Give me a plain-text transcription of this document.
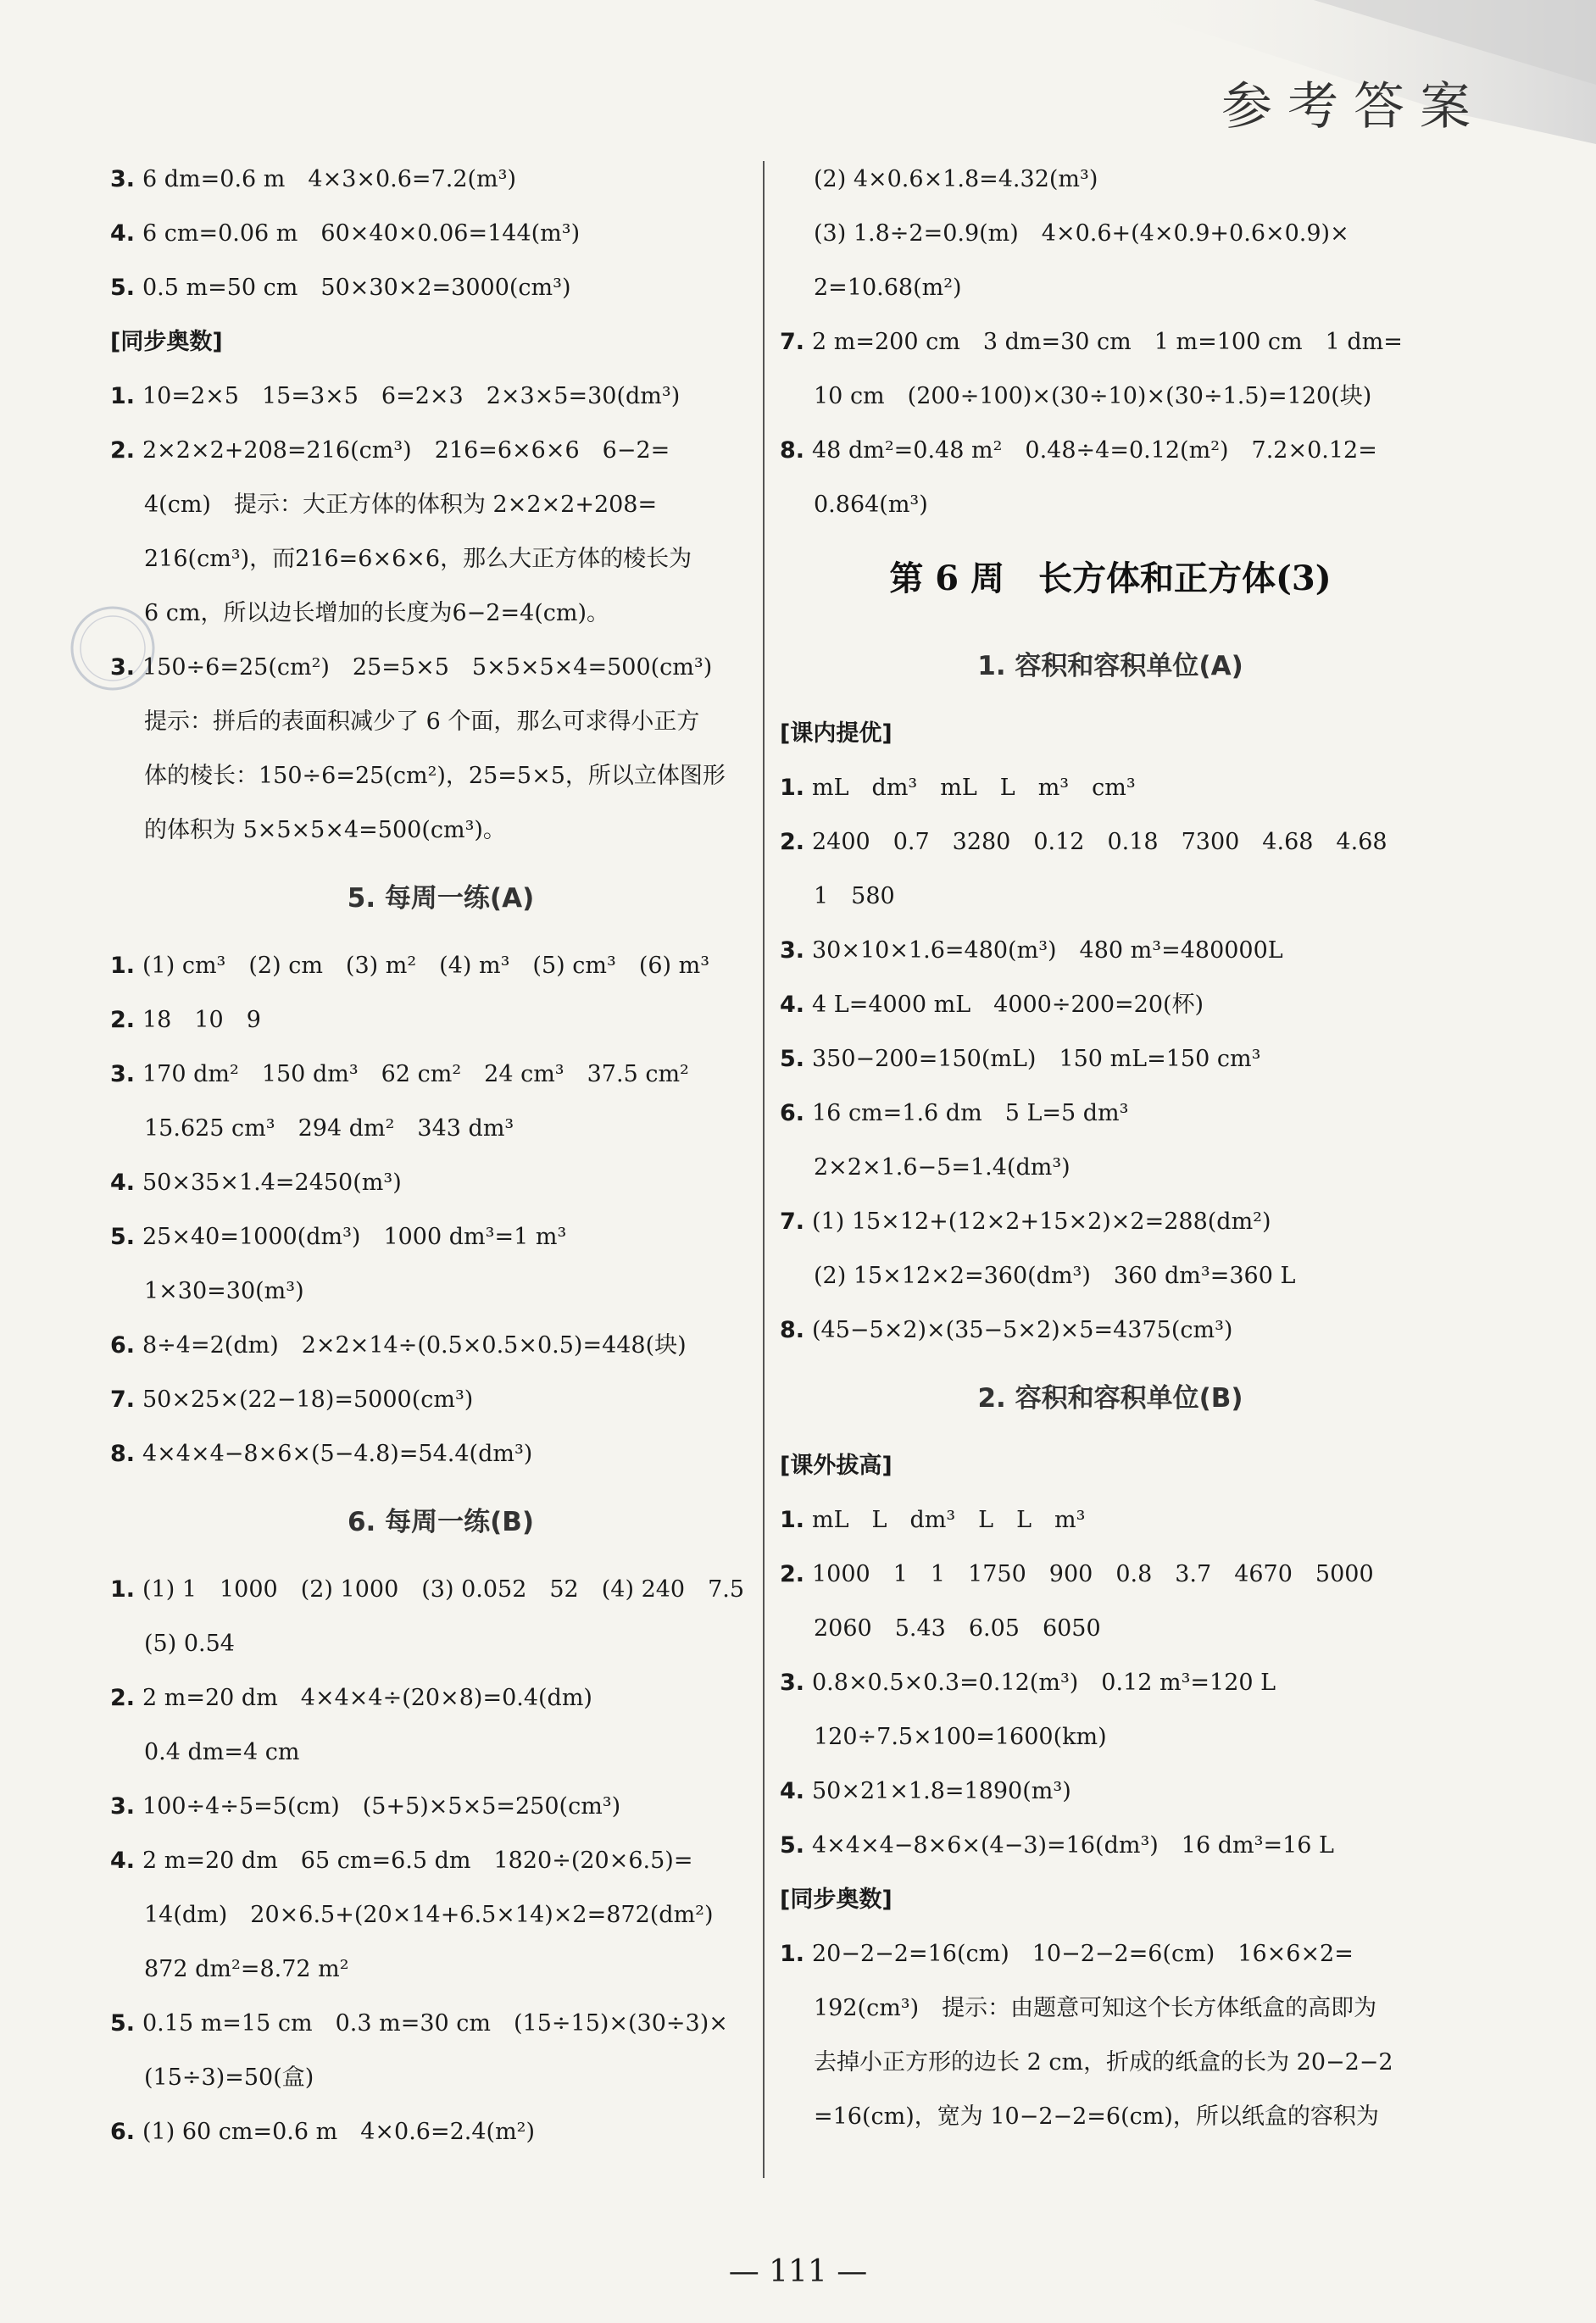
参考答案
3. 6 dm=0.6 m　4×3×0.6=7.2(m³)
4. 6 cm=0.06 m　60×40×0.06=144(m³)
5. 0.5 m=50 cm　50×30×2=3000(cm³)
[同步奥数]
1. 10=2×5　15=3×5　6=2×3　2×3×5=30(dm³)
2. 2×2×2+208=216(cm³)　216=6×6×6　6−2=
4(cm)　提示：大正方体的体积为 2×2×2+208=
216(cm³)，而216=6×6×6，那么大正方体的棱长为
6 cm，所以边长增加的长度为6−2=4(cm)。
3. 150÷6=25(cm²)　25=5×5　5×5×5×4=500(cm³)
提示：拼后的表面积减少了 6 个面，那么可求得小正方
体的棱长：150÷6=25(cm²)，25=5×5，所以立体图形
的体积为 5×5×5×4=500(cm³)。
5. 每周一练(A)
1. (1) cm³　(2) cm　(3) m²　(4) m³　(5) cm³　(6) m³
2. 18　10　9
3. 170 dm²　150 dm³　62 cm²　24 cm³　37.5 cm²
15.625 cm³　294 dm²　343 dm³
4. 50×35×1.4=2450(m³)
5. 25×40=1000(dm³)　1000 dm³=1 m³
1×30=30(m³)
6. 8÷4=2(dm)　2×2×14÷(0.5×0.5×0.5)=448(块)
7. 50×25×(22−18)=5000(cm³)
8. 4×4×4−8×6×(5−4.8)=54.4(dm³)
6. 每周一练(B)
1. (1) 1　1000　(2) 1000　(3) 0.052　52　(4) 240　7.5
(5) 0.54
2. 2 m=20 dm　4×4×4÷(20×8)=0.4(dm)
0.4 dm=4 cm
3. 100÷4÷5=5(cm)　(5+5)×5×5=250(cm³)
4. 2 m=20 dm　65 cm=6.5 dm　1820÷(20×6.5)=
14(dm)　20×6.5+(20×14+6.5×14)×2=872(dm²)
872 dm²=8.72 m²
5. 0.15 m=15 cm　0.3 m=30 cm　(15÷15)×(30÷3)×
(15÷3)=50(盒)
6. (1) 60 cm=0.6 m　4×0.6=2.4(m²)
(2) 4×0.6×1.8=4.32(m³)
(3) 1.8÷2=0.9(m)　4×0.6+(4×0.9+0.6×0.9)×
2=10.68(m²)
7. 2 m=200 cm　3 dm=30 cm　1 m=100 cm　1 dm=
10 cm　(200÷100)×(30÷10)×(30÷1.5)=120(块)
8. 48 dm²=0.48 m²　0.48÷4=0.12(m²)　7.2×0.12=
0.864(m³)
第 6 周　长方体和正方体(3)
1. 容积和容积单位(A)
[课内提优]
1. mL　dm³　mL　L　m³　cm³
2. 2400　0.7　3280　0.12　0.18　7300　4.68　4.68
1　580
3. 30×10×1.6=480(m³)　480 m³=480000L
4. 4 L=4000 mL　4000÷200=20(杯)
5. 350−200=150(mL)　150 mL=150 cm³
6. 16 cm=1.6 dm　5 L=5 dm³
2×2×1.6−5=1.4(dm³)
7. (1) 15×12+(12×2+15×2)×2=288(dm²)
(2) 15×12×2=360(dm³)　360 dm³=360 L
8. (45−5×2)×(35−5×2)×5=4375(cm³)
2. 容积和容积单位(B)
[课外拔高]
1. mL　L　dm³　L　L　m³
2. 1000　1　1　1750　900　0.8　3.7　4670　5000
2060　5.43　6.05　6050
3. 0.8×0.5×0.3=0.12(m³)　0.12 m³=120 L
120÷7.5×100=1600(km)
4. 50×21×1.8=1890(m³)
5. 4×4×4−8×6×(4−3)=16(dm³)　16 dm³=16 L
[同步奥数]
1. 20−2−2=16(cm)　10−2−2=6(cm)　16×6×2=
192(cm³)　提示：由题意可知这个长方体纸盒的高即为
去掉小正方形的边长 2 cm，折成的纸盒的长为 20−2−2
=16(cm)，宽为 10−2−2=6(cm)，所以纸盒的容积为
— 111 —
